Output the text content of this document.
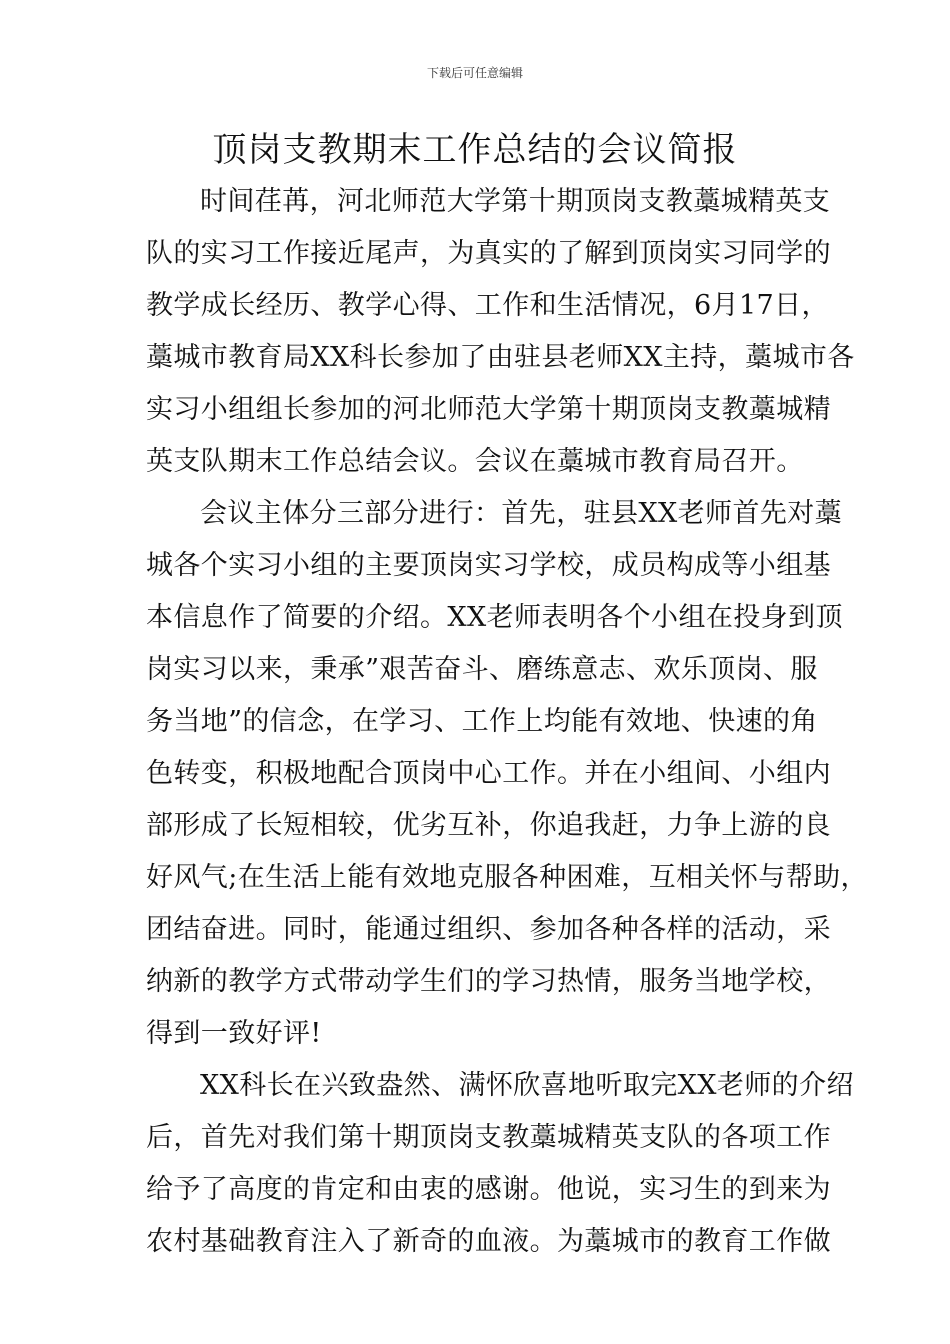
下载后可任意编辑
顶岗支教期末工作总结的会议简报
时间荏苒，河北师范大学第十期顶岗支教藁城精英支
队的实习工作接近尾声，为真实的了解到顶岗实习同学的
教学成长经历、教学心得、工作和生活情况，6月17日，
藁城市教育局XX科长参加了由驻县老师XX主持，藁城市各
实习小组组长参加的河北师范大学第十期顶岗支教藁城精
英支队期末工作总结会议。会议在藁城市教育局召开。
会议主体分三部分进行：首先，驻县XX老师首先对藁
城各个实习小组的主要顶岗实习学校，成员构成等小组基
本信息作了简要的介绍。XX老师表明各个小组在投身到顶
岗实习以来，秉承”艰苦奋斗、磨练意志、欢乐顶岗、服
务当地”的信念，在学习、工作上均能有效地、快速的角
色转变，积极地配合顶岗中心工作。并在小组间、小组内
部形成了长短相较，优劣互补，你追我赶，力争上游的良
好风气;在生活上能有效地克服各种困难，互相关怀与帮助，
团结奋进。同时，能通过组织、参加各种各样的活动，采
纳新的教学方式带动学生们的学习热情，服务当地学校，
得到一致好评!
XX科长在兴致盎然、满怀欣喜地听取完XX老师的介绍
后，首先对我们第十期顶岗支教藁城精英支队的各项工作
给予了高度的肯定和由衷的感谢。他说，实习生的到来为
农村基础教育注入了新奇的血液。为藁城市的教育工作做
